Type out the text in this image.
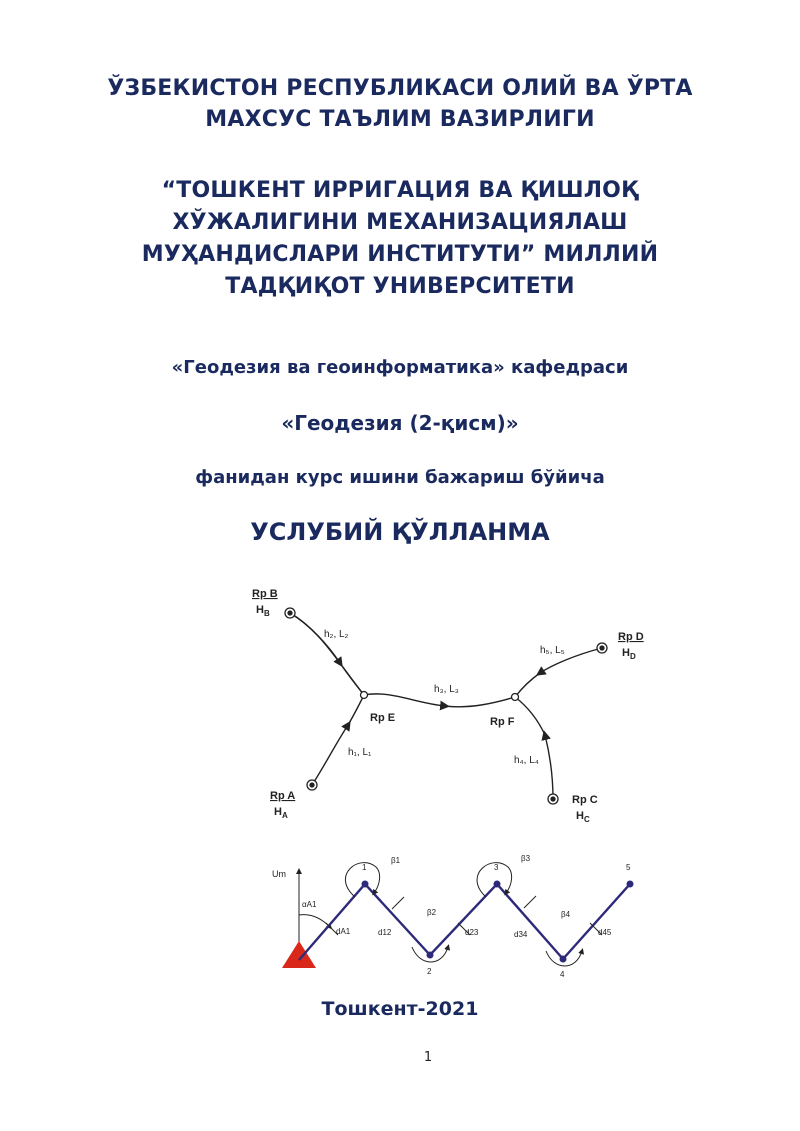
ЎЗБЕКИСТОН РЕСПУБЛИКАСИ ОЛИЙ ВА ЎРТА
МАХСУС ТАЪЛИМ ВАЗИРЛИГИ
“ТОШКЕНТ ИРРИГАЦИЯ ВА ҚИШЛОҚ
ХЎЖАЛИГИНИ МЕХАНИЗАЦИЯЛАШ
МУҲАНДИСЛАРИ ИНСТИТУТИ” МИЛЛИЙ
ТАДҚИҚОТ УНИВЕРСИТЕТИ
«Геодезия ва геоинформатика» кафедраси
«Геодезия (2-қисм)»
фанидан курс ишини бажариш бўйича
УСЛУБИЙ ҚЎЛЛАНМА
Rp B
$H_B$
Rp D
$H_D$
Rp A
$H_A$
Rp C
$H_C$
Rp E	Rp F
h₂, L₂
h₃, L₃
h₅, L₅
h₁, L₁
h₄, L₄
Um
αA1
1
2
3
4
5
β1
β2
β3
β4
dA1	d12	d23	d34	d45
Тошкент-2021
1
